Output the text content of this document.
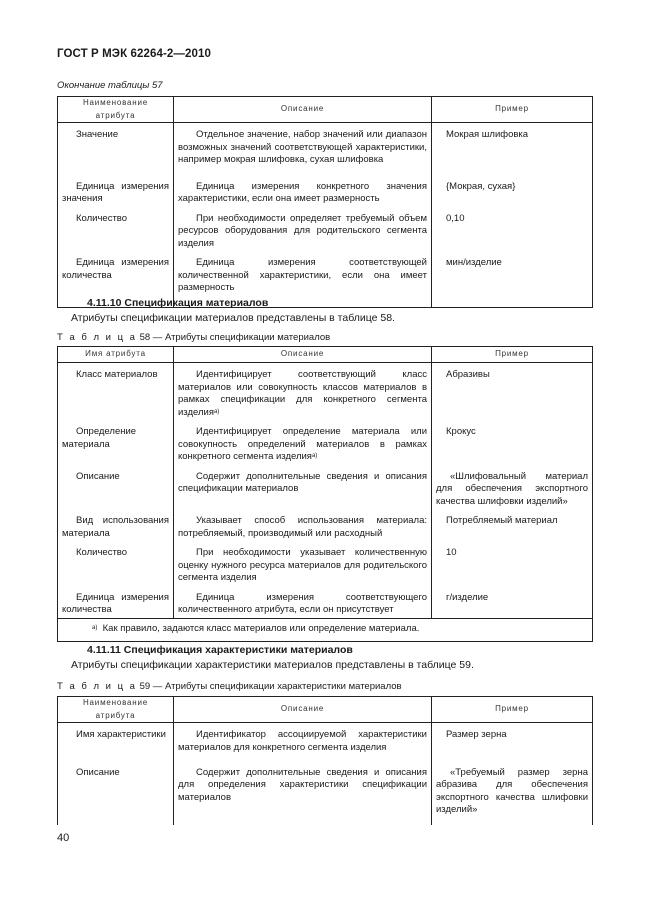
ГОСТ Р МЭК 62264-2—2010
Окончание таблицы 57
Наименование атрибута	Описание	Пример
Значение	Отдельное значение, набор значений или диапазон возможных значений соответствующей характеристики, например мокрая шлифовка, сухая шлифовка	Мокрая шлифовка
Единица измерения значения	Единица измерения конкретного значения характеристики, если она имеет размерность	{Мокрая, сухая}
Количество	При необходимости определяет требуемый объем ресурсов оборудования для родительского сегмента изделия	0,10
Единица измерения количества	Единица измерения соответствующей количественной характеристики, если она имеет размерность	мин/изделие
4.11.10 Спецификация материалов
Атрибуты спецификации материалов представлены в таблице 58.
Т а б л и ц а 58 — Атрибуты спецификации материалов
Имя атрибута	Описание	Пример
Класс материалов	Идентифицирует соответствующий класс материалов или совокупность классов материалов в рамках спецификации для конкретного сегмента изделия$^{a)}$	Абразивы
Определение материала	Идентифицирует определение материала или совокупность определений материалов в рамках конкретного сегмента изделия$^{a)}$	Крокус
Описание	Содержит дополнительные сведения и описания спецификации материалов	«Шлифовальный материал для обеспечения экспортного качества шлифовки изделий»
Вид использования материала	Указывает способ использования материала: потребляемый, производимый или расходный	Потребляемый материал
Количество	При необходимости указывает количественную оценку нужного ресурса материалов для родительского сегмента изделия	10
Единица измерения количества	Единица измерения соответствующего количественного атрибута, если он присутствует	г/изделие
$^{a)}$ Как правило, задаются класс материалов или определение материала.		
4.11.11 Спецификация характеристики материалов
Атрибуты спецификации характеристики материалов представлены в таблице 59.
Т а б л и ц а 59 — Атрибуты спецификации характеристики материалов
Наименование атрибута	Описание	Пример
Имя характеристики	Идентификатор ассоциируемой характеристики материалов для конкретного сегмента изделия	Размер зерна
Описание	Содержит дополнительные сведения и описания для определения характеристики спецификации материалов	«Требуемый размер зерна абразива для обеспечения экспортного качества шлифовки изделий»
40
